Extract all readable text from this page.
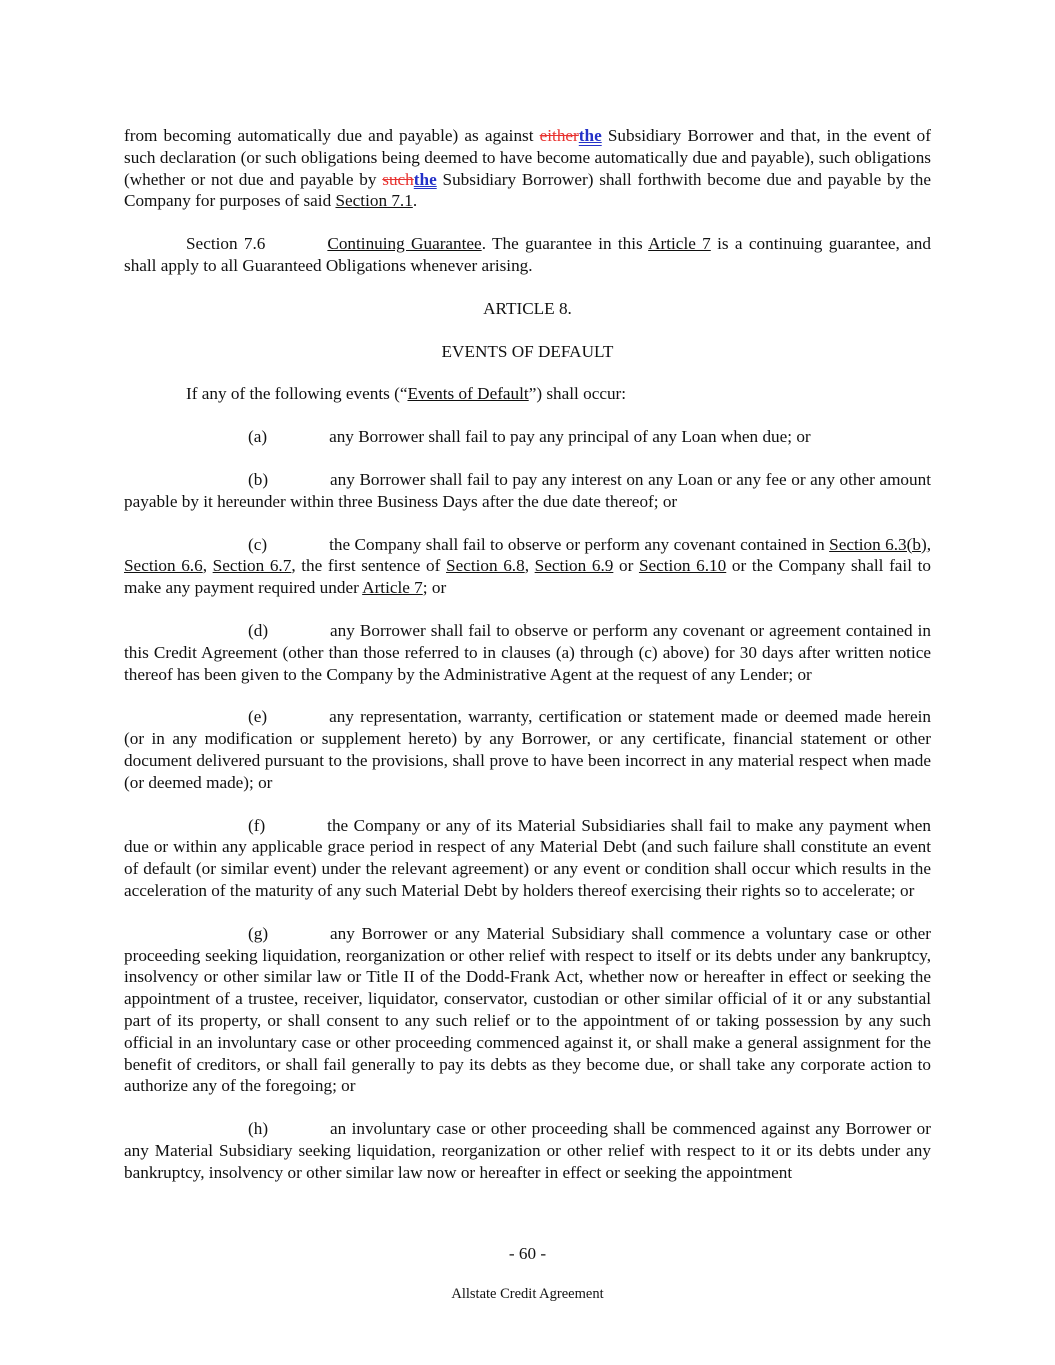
from becoming automatically due and payable) as against eitherthe Subsidiary Borrower and that, in the event of such declaration (or such obligations being deemed to have become automatically due and payable), such obligations (whether or not due and payable by suchthe Subsidiary Borrower) shall forthwith become due and payable by the Company for purposes of said Section 7.1.

Section 7.6	Continuing Guarantee. The guarantee in this Article 7 is a continuing guarantee, and shall apply to all Guaranteed Obligations whenever arising.

ARTICLE 8.

EVENTS OF DEFAULT

If any of the following events (“Events of Default”) shall occur:

(a)	any Borrower shall fail to pay any principal of any Loan when due; or

(b)	any Borrower shall fail to pay any interest on any Loan or any fee or any other amount payable by it hereunder within three Business Days after the due date thereof; or

(c)	the Company shall fail to observe or perform any covenant contained in Section 6.3(b), Section 6.6, Section 6.7, the first sentence of Section 6.8, Section 6.9 or Section 6.10 or the Company shall fail to make any payment required under Article 7; or

(d)	any Borrower shall fail to observe or perform any covenant or agreement contained in this Credit Agreement (other than those referred to in clauses (a) through (c) above) for 30 days after written notice thereof has been given to the Company by the Administrative Agent at the request of any Lender; or

(e)	any representation, warranty, certification or statement made or deemed made herein (or in any modification or supplement hereto) by any Borrower, or any certificate, financial statement or other document delivered pursuant to the provisions, shall prove to have been incorrect in any material respect when made (or deemed made); or

(f)	the Company or any of its Material Subsidiaries shall fail to make any payment when due or within any applicable grace period in respect of any Material Debt (and such failure shall constitute an event of default (or similar event) under the relevant agreement) or any event or condition shall occur which results in the acceleration of the maturity of any such Material Debt by holders thereof exercising their rights so to accelerate; or

(g)	any Borrower or any Material Subsidiary shall commence a voluntary case or other proceeding seeking liquidation, reorganization or other relief with respect to itself or its debts under any bankruptcy, insolvency or other similar law or Title II of the Dodd-Frank Act, whether now or hereafter in effect or seeking the appointment of a trustee, receiver, liquidator, conservator, custodian or other similar official of it or any substantial part of its property, or shall consent to any such relief or to the appointment of or taking possession by any such official in an involuntary case or other proceeding commenced against it, or shall make a general assignment for the benefit of creditors, or shall fail generally to pay its debts as they become due, or shall take any corporate action to authorize any of the foregoing; or

(h)	an involuntary case or other proceeding shall be commenced against any Borrower or any Material Subsidiary seeking liquidation, reorganization or other relief with respect to it or its debts under any bankruptcy, insolvency or other similar law now or hereafter in effect or seeking the appointment

- 60 -
Allstate Credit Agreement
